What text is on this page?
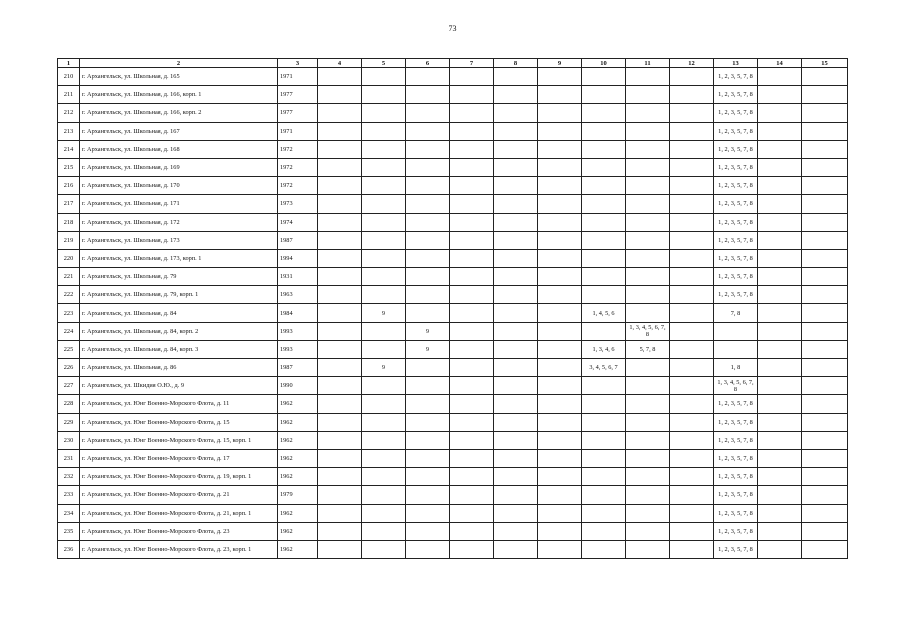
73
1	2	3	4	5	6	7	8	9	10	11	12	13	14	15
210	г. Архангельск, ул. Школьная, д. 165	1971										1, 2, 3, 5, 7, 8		
211	г. Архангельск, ул. Школьная, д. 166, корп. 1	1977										1, 2, 3, 5, 7, 8		
212	г. Архангельск, ул. Школьная, д. 166, корп. 2	1977										1, 2, 3, 5, 7, 8		
213	г. Архангельск, ул. Школьная, д. 167	1971										1, 2, 3, 5, 7, 8		
214	г. Архангельск, ул. Школьная, д. 168	1972										1, 2, 3, 5, 7, 8		
215	г. Архангельск, ул. Школьная, д. 169	1972										1, 2, 3, 5, 7, 8		
216	г. Архангельск, ул. Школьная, д. 170	1972										1, 2, 3, 5, 7, 8		
217	г. Архангельск, ул. Школьная, д. 171	1973										1, 2, 3, 5, 7, 8		
218	г. Архангельск, ул. Школьная, д. 172	1974										1, 2, 3, 5, 7, 8		
219	г. Архангельск, ул. Школьная, д. 173	1987										1, 2, 3, 5, 7, 8		
220	г. Архангельск, ул. Школьная, д. 173, корп. 1	1994										1, 2, 3, 5, 7, 8		
221	г. Архангельск, ул. Школьная, д. 79	1931										1, 2, 3, 5, 7, 8		
222	г. Архангельск, ул. Школьная, д. 79, корп. 1	1963										1, 2, 3, 5, 7, 8		
223	г. Архангельск, ул. Школьная, д. 84	1984		9					1, 4, 5, 6			7, 8		
224	г. Архангельск, ул. Школьная, д. 84, корп. 2	1993			9					1, 3, 4, 5, 6, 7, 8				
225	г. Архангельск, ул. Школьная, д. 84, корп. 3	1993			9				1, 3, 4, 6	5, 7, 8				
226	г. Архангельск, ул. Школьная, д. 86	1987		9					3, 4, 5, 6, 7			1, 8		
227	г. Архангельск, ул. Шкидия О.Ю., д. 9	1990										1, 3, 4, 5, 6, 7, 8		
228	г. Архангельск, ул. Юнг Военно-Морского Флота, д. 11	1962										1, 2, 3, 5, 7, 8		
229	г. Архангельск, ул. Юнг Военно-Морского Флота, д. 15	1962										1, 2, 3, 5, 7, 8		
230	г. Архангельск, ул. Юнг Военно-Морского Флота, д. 15, корп. 1	1962										1, 2, 3, 5, 7, 8		
231	г. Архангельск, ул. Юнг Военно-Морского Флота, д. 17	1962										1, 2, 3, 5, 7, 8		
232	г. Архангельск, ул. Юнг Военно-Морского Флота, д. 19, корп. 1	1962										1, 2, 3, 5, 7, 8		
233	г. Архангельск, ул. Юнг Военно-Морского Флота, д. 21	1979										1, 2, 3, 5, 7, 8		
234	г. Архангельск, ул. Юнг Военно-Морского Флота, д. 21, корп. 1	1962										1, 2, 3, 5, 7, 8		
235	г. Архангельск, ул. Юнг Военно-Морского Флота, д. 23	1962										1, 2, 3, 5, 7, 8		
236	г. Архангельск, ул. Юнг Военно-Морского Флота, д. 23, корп. 1	1962										1, 2, 3, 5, 7, 8		
